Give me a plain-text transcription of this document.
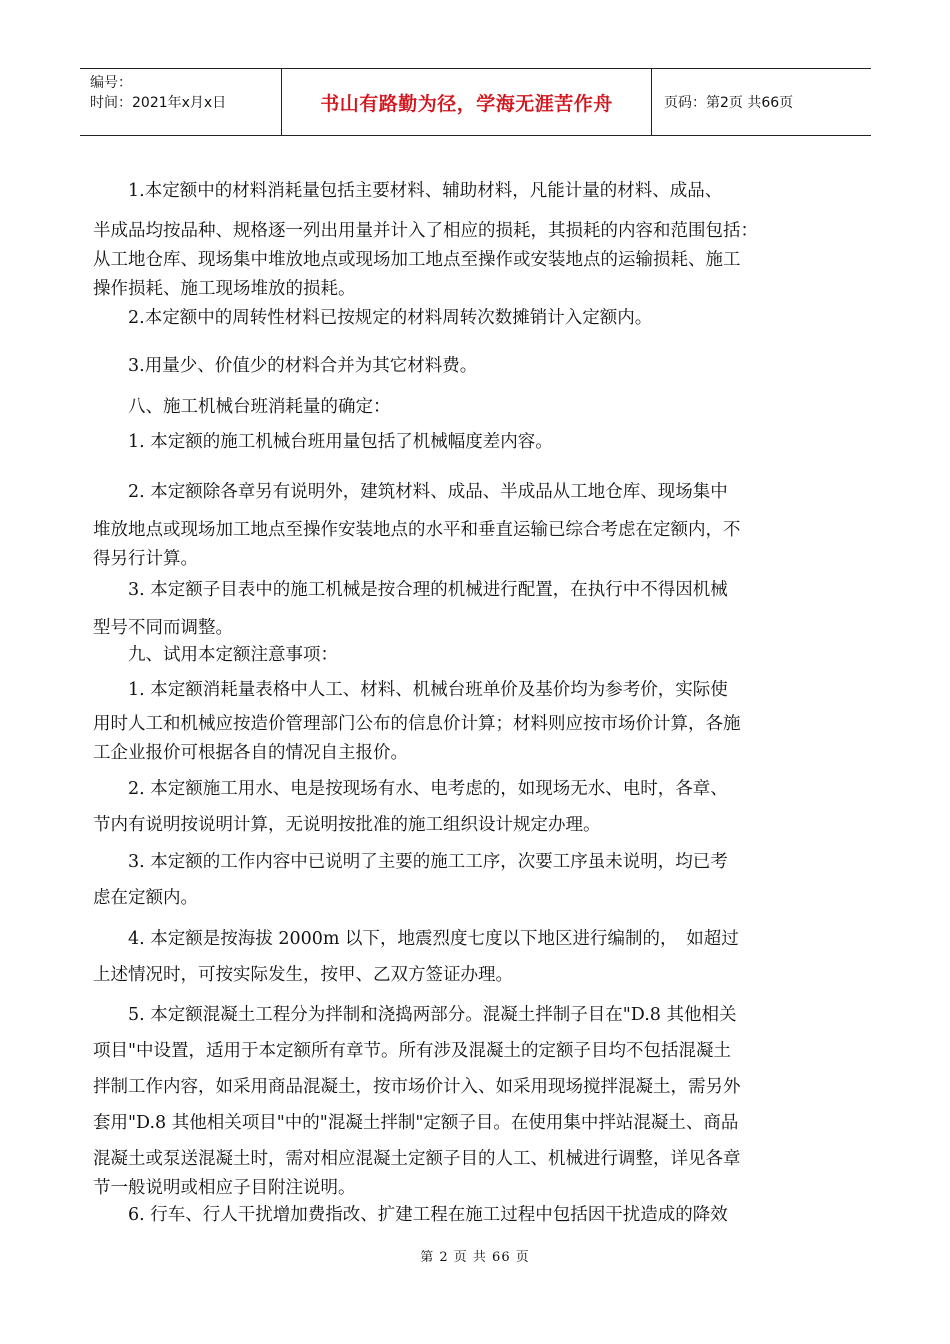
编号：
时间：2021年x月x日	书山有路勤为径，学海无涯苦作舟	页码：第2页 共66页
　　1.本定额中的材料消耗量包括主要材料、辅助材料，凡能计量的材料、成品、
半成品均按品种、规格逐一列出用量并计入了相应的损耗，其损耗的内容和范围包括：
从工地仓库、现场集中堆放地点或现场加工地点至操作或安装地点的运输损耗、施工
操作损耗、施工现场堆放的损耗。
　　2.本定额中的周转性材料已按规定的材料周转次数摊销计入定额内。
　　3.用量少、价值少的材料合并为其它材料费。
　　八、施工机械台班消耗量的确定：
　　1. 本定额的施工机械台班用量包括了机械幅度差内容。
　　2. 本定额除各章另有说明外，建筑材料、成品、半成品从工地仓库、现场集中
堆放地点或现场加工地点至操作安装地点的水平和垂直运输已综合考虑在定额内，不
得另行计算。
　　3. 本定额子目表中的施工机械是按合理的机械进行配置，在执行中不得因机械
型号不同而调整。
　　九、试用本定额注意事项：
　　1. 本定额消耗量表格中人工、材料、机械台班单价及基价均为参考价，实际使
用时人工和机械应按造价管理部门公布的信息价计算；材料则应按市场价计算，各施
工企业报价可根据各自的情况自主报价。
　　2. 本定额施工用水、电是按现场有水、电考虑的，如现场无水、电时，各章、
节内有说明按说明计算，无说明按批准的施工组织设计规定办理。
　　3. 本定额的工作内容中已说明了主要的施工工序，次要工序虽未说明，均已考
虑在定额内。
　　4. 本定额是按海拔 2000m 以下，地震烈度七度以下地区进行编制的，　如超过
上述情况时，可按实际发生，按甲、乙双方签证办理。
　　5. 本定额混凝土工程分为拌制和浇捣两部分。混凝土拌制子目在"D.8 其他相关
项目"中设置，适用于本定额所有章节。所有涉及混凝土的定额子目均不包括混凝土
拌制工作内容，如采用商品混凝土，按市场价计入、如采用现场搅拌混凝土，需另外
套用"D.8 其他相关项目"中的"混凝土拌制"定额子目。在使用集中拌站混凝土、商品
混凝土或泵送混凝土时，需对相应混凝土定额子目的人工、机械进行调整，详见各章
节一般说明或相应子目附注说明。
　　6. 行车、行人干扰增加费指改、扩建工程在施工过程中包括因干扰造成的降效
第 2 页 共 66 页
